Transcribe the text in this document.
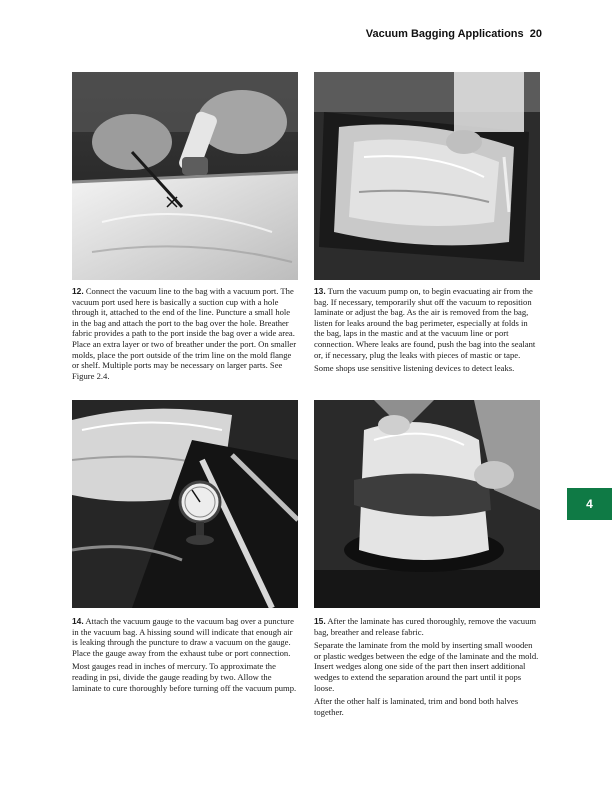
Vacuum Bagging Applications 20

12. Connect the vacuum line to the bag with a vacuum port. The vacuum port used here is basically a suction cup with a hole through it, attached to the end of the line. Puncture a small hole in the bag and attach the port to the bag over the hole. Breather fabric provides a path to the port inside the bag over a wide area. Place an extra layer or two of breather under the port. On smaller molds, place the port outside of the trim line on the mold flange or shelf. Multiple ports may be necessary on larger parts. See Figure 2.4.

13. Turn the vacuum pump on, to begin evacuating air from the bag. If necessary, temporarily shut off the vacuum to reposition laminate or adjust the bag. As the air is removed from the bag, listen for leaks around the bag perimeter, especially at folds in the bag, laps in the mastic and at the vacuum line or port connection. Where leaks are found, push the bag into the sealant or, if necessary, plug the leaks with pieces of mastic or tape.

Some shops use sensitive listening devices to detect leaks.

14. Attach the vacuum gauge to the vacuum bag over a puncture in the vacuum bag. A hissing sound will indicate that enough air is leaking through the puncture to draw a vacuum on the gauge. Place the gauge away from the exhaust tube or port connection.

Most gauges read in inches of mercury. To approximate the reading in psi, divide the gauge reading by two. Allow the laminate to cure thoroughly before turning off the vacuum pump.

15. After the laminate has cured thoroughly, remove the vacuum bag, breather and release fabric.

Separate the laminate from the mold by inserting small wooden or plastic wedges between the edge of the laminate and the mold. Insert wedges along one side of the part then insert additional wedges to extend the separation around the part until it pops loose.

After the other half is laminated, trim and bond both halves together.

4
